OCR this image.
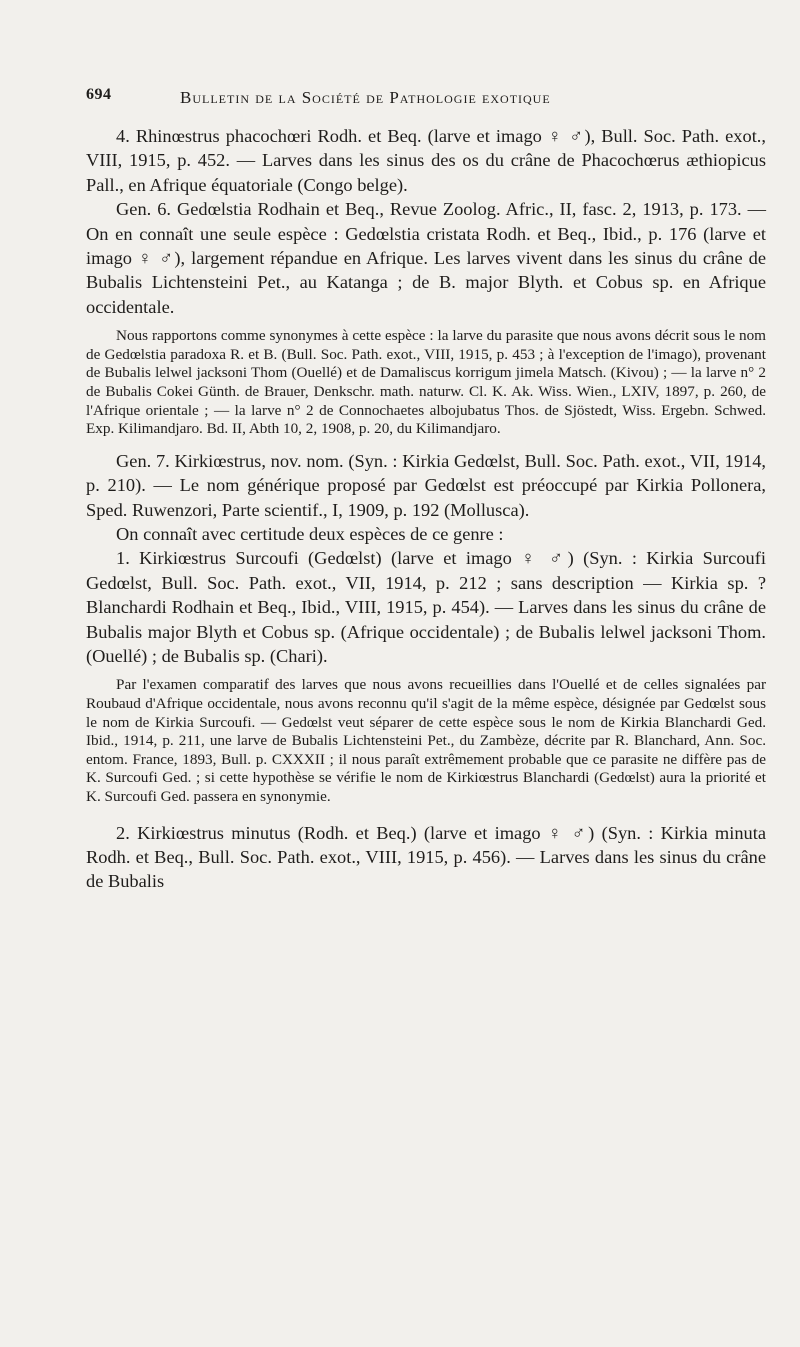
694	Bulletin de la Société de Pathologie exotique

4. Rhinœstrus phacochœri Rodh. et Beq. (larve et imago ♀ ♂), Bull. Soc. Path. exot., VIII, 1915, p. 452. — Larves dans les sinus des os du crâne de Phacochœrus æthiopicus Pall., en Afrique équatoriale (Congo belge).

Gen. 6. Gedœlstia Rodhain et Beq., Revue Zoolog. Afric., II, fasc. 2, 1913, p. 173. — On en connaît une seule espèce : Gedœlstia cristata Rodh. et Beq., Ibid., p. 176 (larve et imago ♀ ♂), largement répandue en Afrique. Les larves vivent dans les sinus du crâne de Bubalis Lichtensteini Pet., au Katanga ; de B. major Blyth. et Cobus sp. en Afrique occidentale.

Nous rapportons comme synonymes à cette espèce : la larve du parasite que nous avons décrit sous le nom de Gedœlstia paradoxa R. et B. (Bull. Soc. Path. exot., VIII, 1915, p. 453 ; à l'exception de l'imago), provenant de Bubalis lelwel jacksoni Thom (Ouellé) et de Damaliscus korrigum jimela Matsch. (Kivou) ; — la larve n° 2 de Bubalis Cokei Günth. de Brauer, Denkschr. math. naturw. Cl. K. Ak. Wiss. Wien., LXIV, 1897, p. 260, de l'Afrique orientale ; — la larve n° 2 de Connochaetes albojubatus Thos. de Sjöstedt, Wiss. Ergebn. Schwed. Exp. Kilimandjaro. Bd. II, Abth 10, 2, 1908, p. 20, du Kilimandjaro.

Gen. 7. Kirkiœstrus, nov. nom. (Syn. : Kirkia Gedœlst, Bull. Soc. Path. exot., VII, 1914, p. 210). — Le nom générique proposé par Gedœlst est préoccupé par Kirkia Pollonera, Sped. Ruwenzori, Parte scientif., I, 1909, p. 192 (Mollusca).

On connaît avec certitude deux espèces de ce genre :

1. Kirkiœstrus Surcoufi (Gedœlst) (larve et imago ♀ ♂) (Syn. : Kirkia Surcoufi Gedœlst, Bull. Soc. Path. exot., VII, 1914, p. 212 ; sans description — Kirkia sp. ? Blanchardi Rodhain et Beq., Ibid., VIII, 1915, p. 454). — Larves dans les sinus du crâne de Bubalis major Blyth et Cobus sp. (Afrique occidentale) ; de Bubalis lelwel jacksoni Thom. (Ouellé) ; de Bubalis sp. (Chari).

Par l'examen comparatif des larves que nous avons recueillies dans l'Ouellé et de celles signalées par Roubaud d'Afrique occidentale, nous avons reconnu qu'il s'agit de la même espèce, désignée par Gedœlst sous le nom de Kirkia Surcoufi. — Gedœlst veut séparer de cette espèce sous le nom de Kirkia Blanchardi Ged. Ibid., 1914, p. 211, une larve de Bubalis Lichtensteini Pet., du Zambèze, décrite par R. Blanchard, Ann. Soc. entom. France, 1893, Bull. p. CXXXII ; il nous paraît extrêmement probable que ce parasite ne diffère pas de K. Surcoufi Ged. ; si cette hypothèse se vérifie le nom de Kirkiœstrus Blanchardi (Gedœlst) aura la priorité et K. Surcoufi Ged. passera en synonymie.

2. Kirkiœstrus minutus (Rodh. et Beq.) (larve et imago ♀ ♂) (Syn. : Kirkia minuta Rodh. et Beq., Bull. Soc. Path. exot., VIII, 1915, p. 456). — Larves dans les sinus du crâne de Bubalis
